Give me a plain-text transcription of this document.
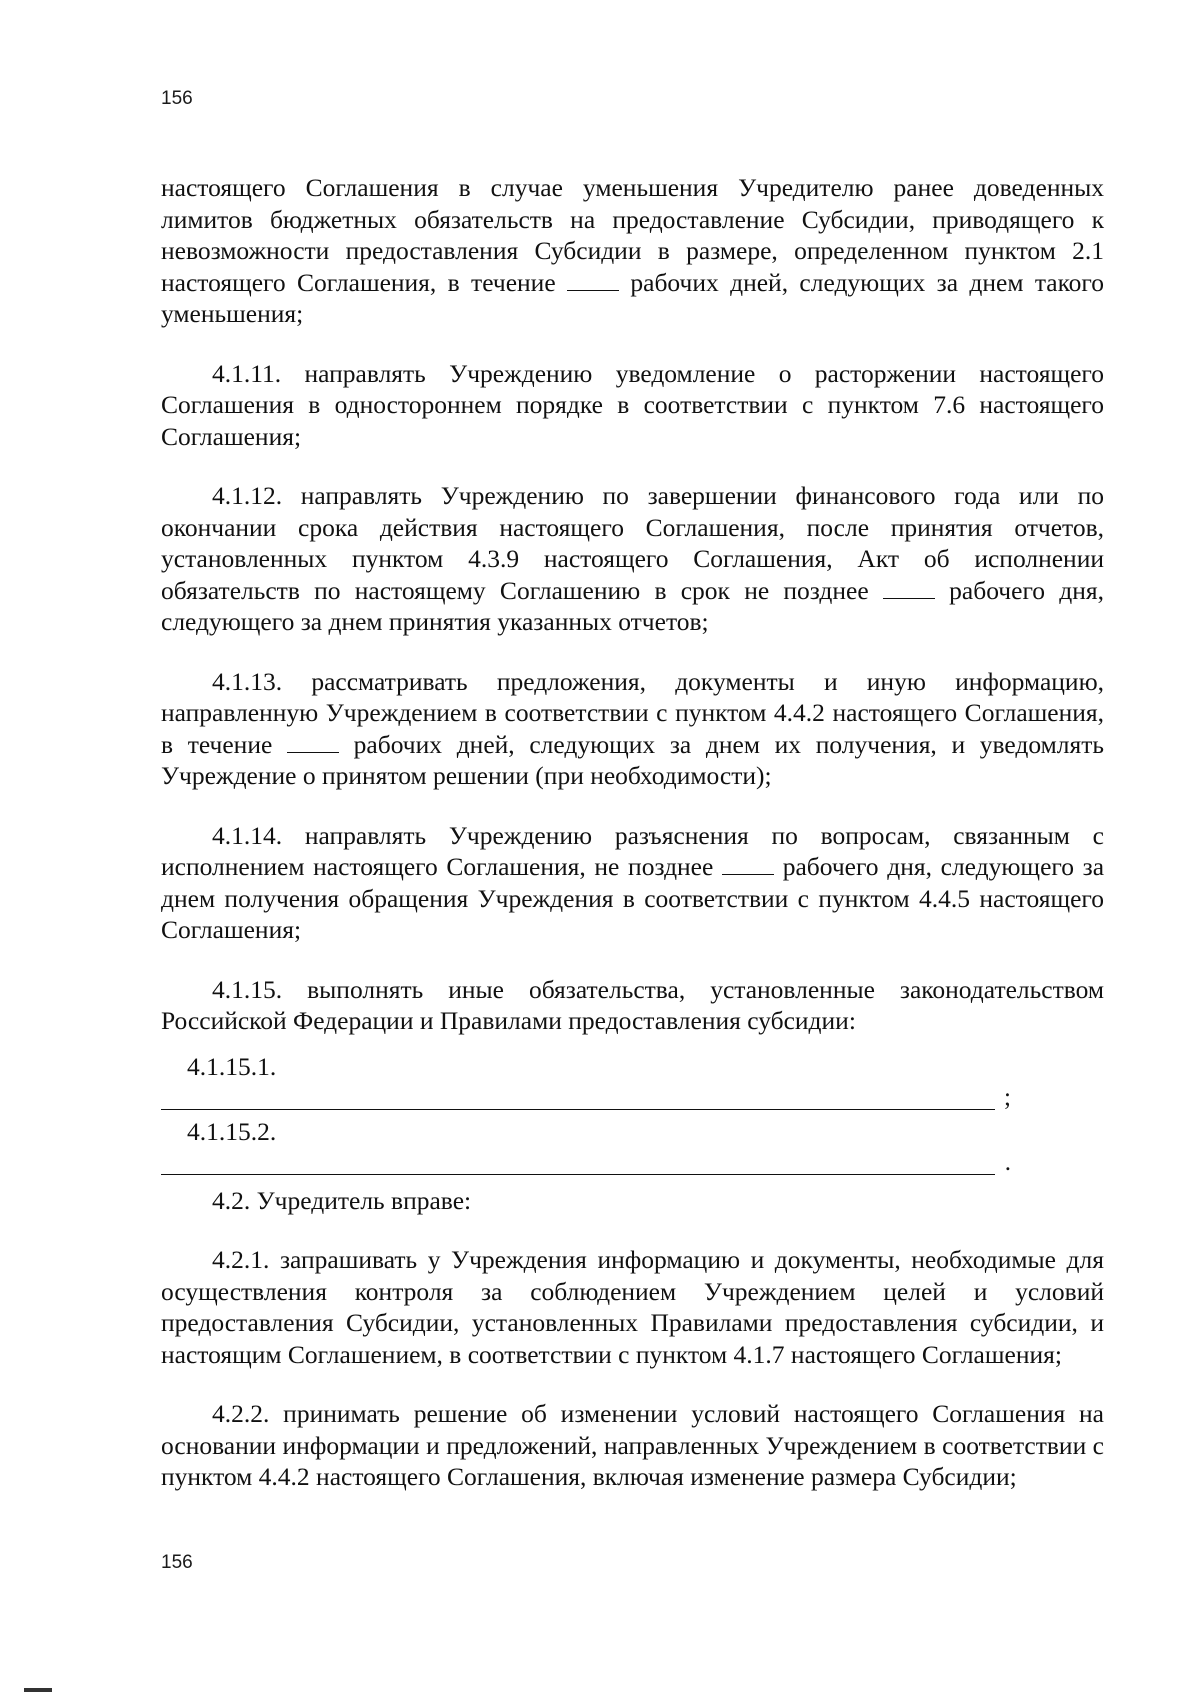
156

настоящего Соглашения в случае уменьшения Учредителю ранее доведенных лимитов бюджетных обязательств на предоставление Субсидии, приводящего к невозможности предоставления Субсидии в размере, определенном пунктом 2.1 настоящего Соглашения, в течение	рабочих дней, следующих за днем такого уменьшения;

4.1.11. направлять Учреждению уведомление о расторжении настоящего Соглашения в одностороннем порядке в соответствии с пунктом 7.6 настоящего Соглашения;

4.1.12. направлять Учреждению по завершении финансового года или по окончании срока действия настоящего Соглашения, после принятия отчетов, установленных пунктом 4.3.9 настоящего Соглашения, Акт об исполнении обязательств по настоящему Соглашению в срок не позднее	рабочего дня, следующего за днем принятия указанных отчетов;

4.1.13. рассматривать предложения, документы и иную информацию, направленную Учреждением в соответствии с пунктом 4.4.2 настоящего Соглашения, в течение	рабочих дней, следующих за днем их получения, и уведомлять Учреждение о принятом решении (при необходимости);

4.1.14. направлять Учреждению разъяснения по вопросам, связанным с исполнением настоящего Соглашения, не позднее	рабочего дня, следующего за днем получения обращения Учреждения в соответствии с пунктом 4.4.5 настоящего Соглашения;

4.1.15. выполнять иные обязательства, установленные законодательством Российской Федерации и Правилами предоставления субсидии:

4.1.15.1.

;

4.1.15.2.

.

4.2. Учредитель вправе:

4.2.1. запрашивать у Учреждения информацию и документы, необходимые для осуществления контроля за соблюдением Учреждением целей и условий предоставления Субсидии, установленных Правилами предоставления субсидии, и настоящим Соглашением, в соответствии с пунктом 4.1.7 настоящего Соглашения;

4.2.2. принимать решение об изменении условий настоящего Соглашения на основании информации и предложений, направленных Учреждением в соответствии с пунктом 4.4.2 настоящего Соглашения, включая изменение размера Субсидии;

156
